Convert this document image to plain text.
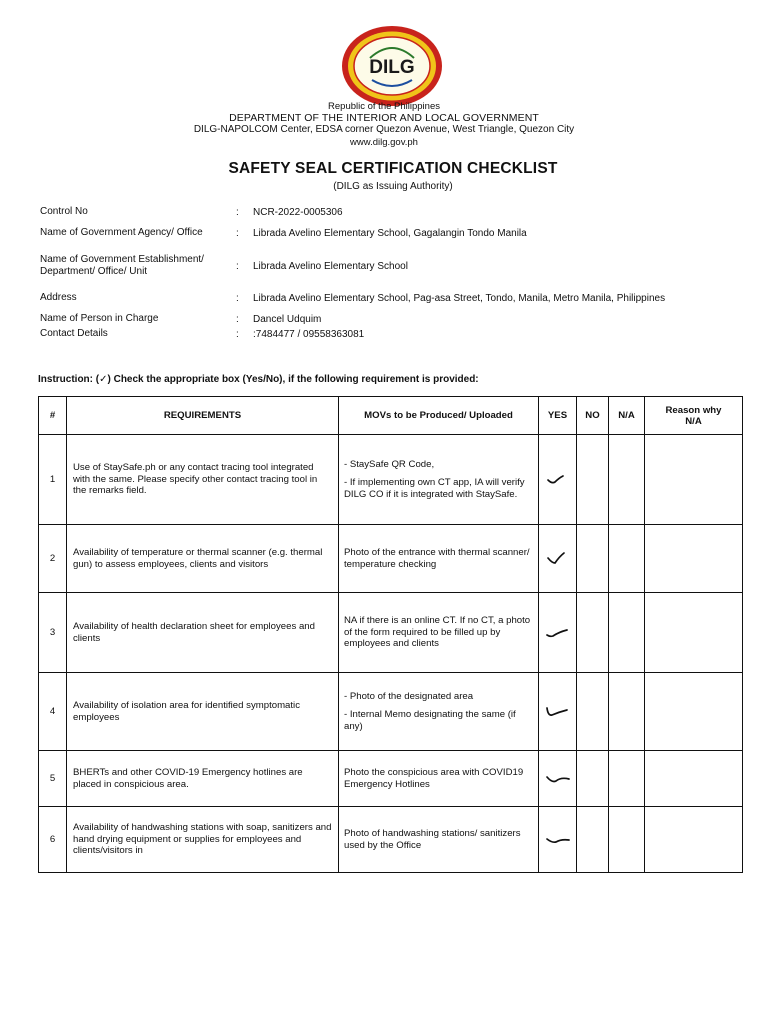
DILG
Republic of the Philippines
DEPARTMENT OF THE INTERIOR AND LOCAL GOVERNMENT
DILG-NAPOLCOM Center, EDSA corner Quezon Avenue, West Triangle, Quezon City
www.dilg.gov.ph
SAFETY SEAL CERTIFICATION CHECKLIST
(DILG as Issuing Authority)
Control No	:	NCR-2022-0005306
Name of Government Agency/ Office	:	Librada Avelino Elementary School, Gagalangin Tondo Manila
Name of Government Establishment/ Department/ Office/ Unit	:	Librada Avelino Elementary School
Address	:	Librada Avelino Elementary School, Pag-asa Street, Tondo, Manila, Metro Manila, Philippines
Name of Person in Charge	:	Dancel Udquim
Contact Details	:	:7484477 / 09558363081
Instruction: (✓) Check the appropriate box (Yes/No), if the following requirement is provided:
#	REQUIREMENTS	MOVs to be Produced/ Uploaded	YES	NO	N/A	Reason why N/A
1	Use of StaySafe.ph or any contact tracing tool integrated with the same. Please specify other contact tracing tool in the remarks field.	- StaySafe QR Code,

- If implementing own CT app, IA will verify DILG CO if it is integrated with StaySafe.

2	Availability of temperature or thermal scanner (e.g. thermal gun) to assess employees, clients and visitors	Photo of the entrance with thermal scanner/ temperature checking

3	Availability of health declaration sheet for employees and clients	NA if there is an online CT. If no CT, a photo of the form required to be filled up by employees and clients

4	Availability of isolation area for identified symptomatic employees	- Photo of the designated area

- Internal Memo designating the same (if any)

5	BHERTs and other COVID-19 Emergency hotlines are placed in conspicious area.	Photo the conspicious area with COVID19 Emergency Hotlines

6	Availability of handwashing stations with soap, sanitizers and hand drying equipment or supplies for employees and clients/visitors in	Photo of handwashing stations/ sanitizers used by the Office
